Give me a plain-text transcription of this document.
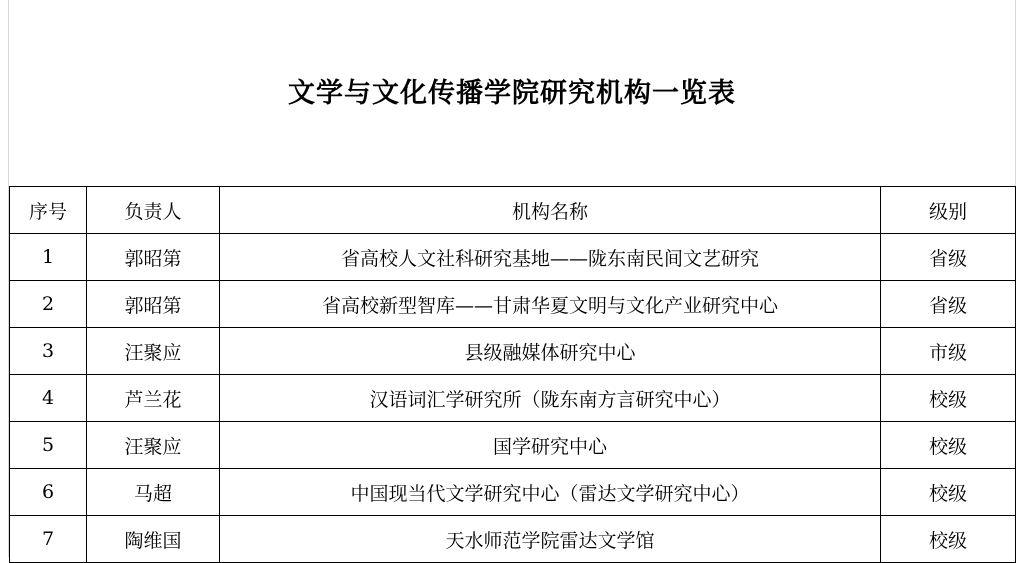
文学与文化传播学院研究机构一览表
序号	负责人	机构名称	级别
1	郭昭第	省高校人文社科研究基地——陇东南民间文艺研究	省级
2	郭昭第	省高校新型智库——甘肃华夏文明与文化产业研究中心	省级
3	汪聚应	县级融媒体研究中心	市级
4	芦兰花	汉语词汇学研究所（陇东南方言研究中心）	校级
5	汪聚应	国学研究中心	校级
6	马超	中国现当代文学研究中心（雷达文学研究中心）	校级
7	陶维国	天水师范学院雷达文学馆	校级
